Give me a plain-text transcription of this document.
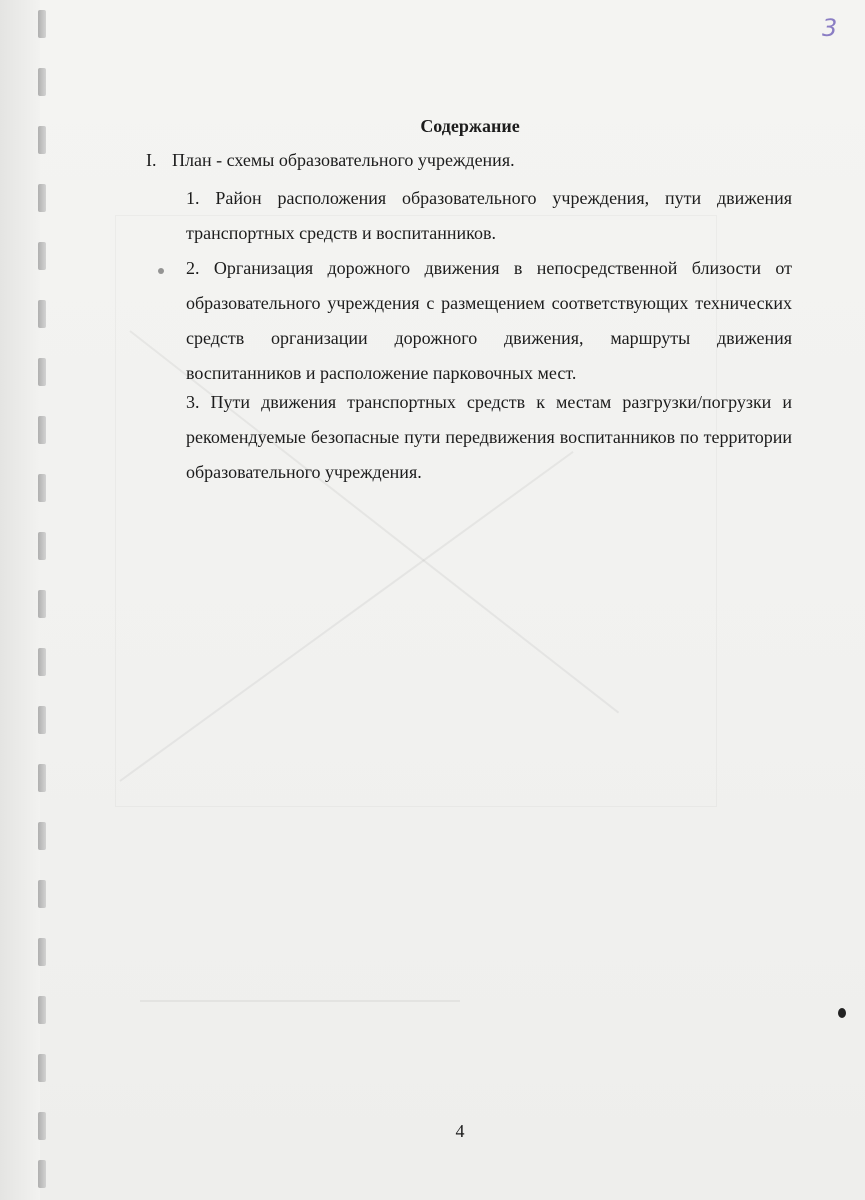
3
Содержание
I. План - схемы образовательного учреждения.
1. Район расположения образовательного учреждения, пути движения транспортных средств и воспитанников.
2. Организация дорожного движения в непосредственной близости от образовательного учреждения с размещением соответствующих технических средств организации дорожного движения, маршруты движения воспитанников и расположение парковочных мест.
3. Пути движения транспортных средств к местам разгрузки/погрузки и рекомендуемые безопасные пути передвижения воспитанников по территории образовательного учреждения.
4
